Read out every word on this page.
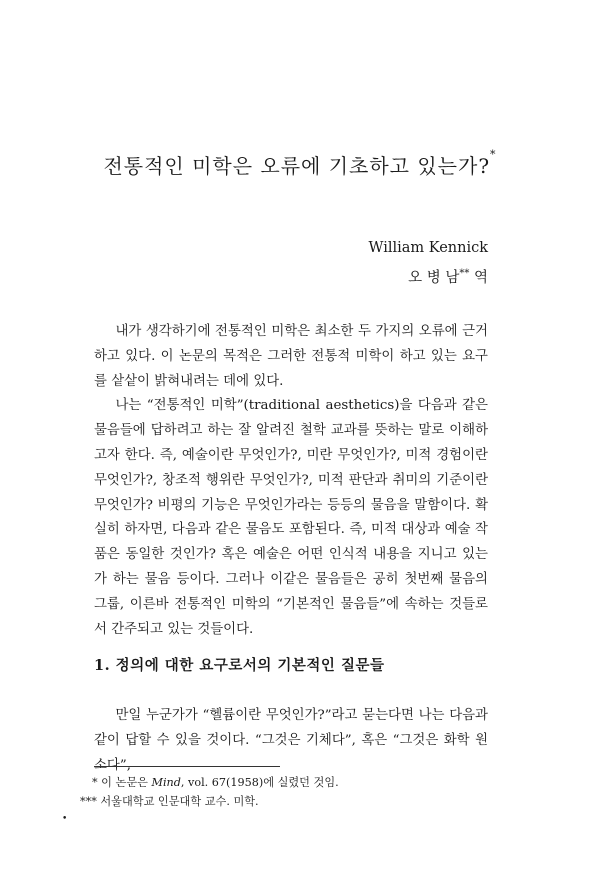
전통적인 미학은 오류에 기초하고 있는가?*
William Kennick
오 병 남** 역

내가 생각하기에 전통적인 미학은 최소한 두 가지의 오류에 근거하고 있다. 이 논문의 목적은 그러한 전통적 미학이 하고 있는 요구를 샅샅이 밝혀내려는 데에 있다.

나는 “전통적인 미학”(traditional aesthetics)을 다음과 같은 물음들에 답하려고 하는 잘 알려진 철학 교과를 뜻하는 말로 이해하고자 한다. 즉, 예술이란 무엇인가?, 미란 무엇인가?, 미적 경험이란 무엇인가?, 창조적 행위란 무엇인가?, 미적 판단과 취미의 기준이란 무엇인가? 비평의 기능은 무엇인가라는 등등의 물음을 말함이다. 확실히 하자면, 다음과 같은 물음도 포함된다. 즉, 미적 대상과 예술 작품은 동일한 것인가? 혹은 예술은 어떤 인식적 내용을 지니고 있는가 하는 물음 등이다. 그러나 이같은 물음들은 공히 첫번째 물음의 그룹, 이른바 전통적인 미학의 “기본적인 물음들”에 속하는 것들로서 간주되고 있는 것들이다.

1. 정의에 대한 요구로서의 기본적인 질문들

만일 누군가가 “헬륨이란 무엇인가?”라고 묻는다면 나는 다음과 같이 답할 수 있을 것이다. “그것은 기체다”, 혹은 “그것은 화학 원소다”,

* 이 논문은 Mind, vol. 67(1958)에 실렸던 것임.
*** 서울대학교 인문대학 교수. 미학.
•
